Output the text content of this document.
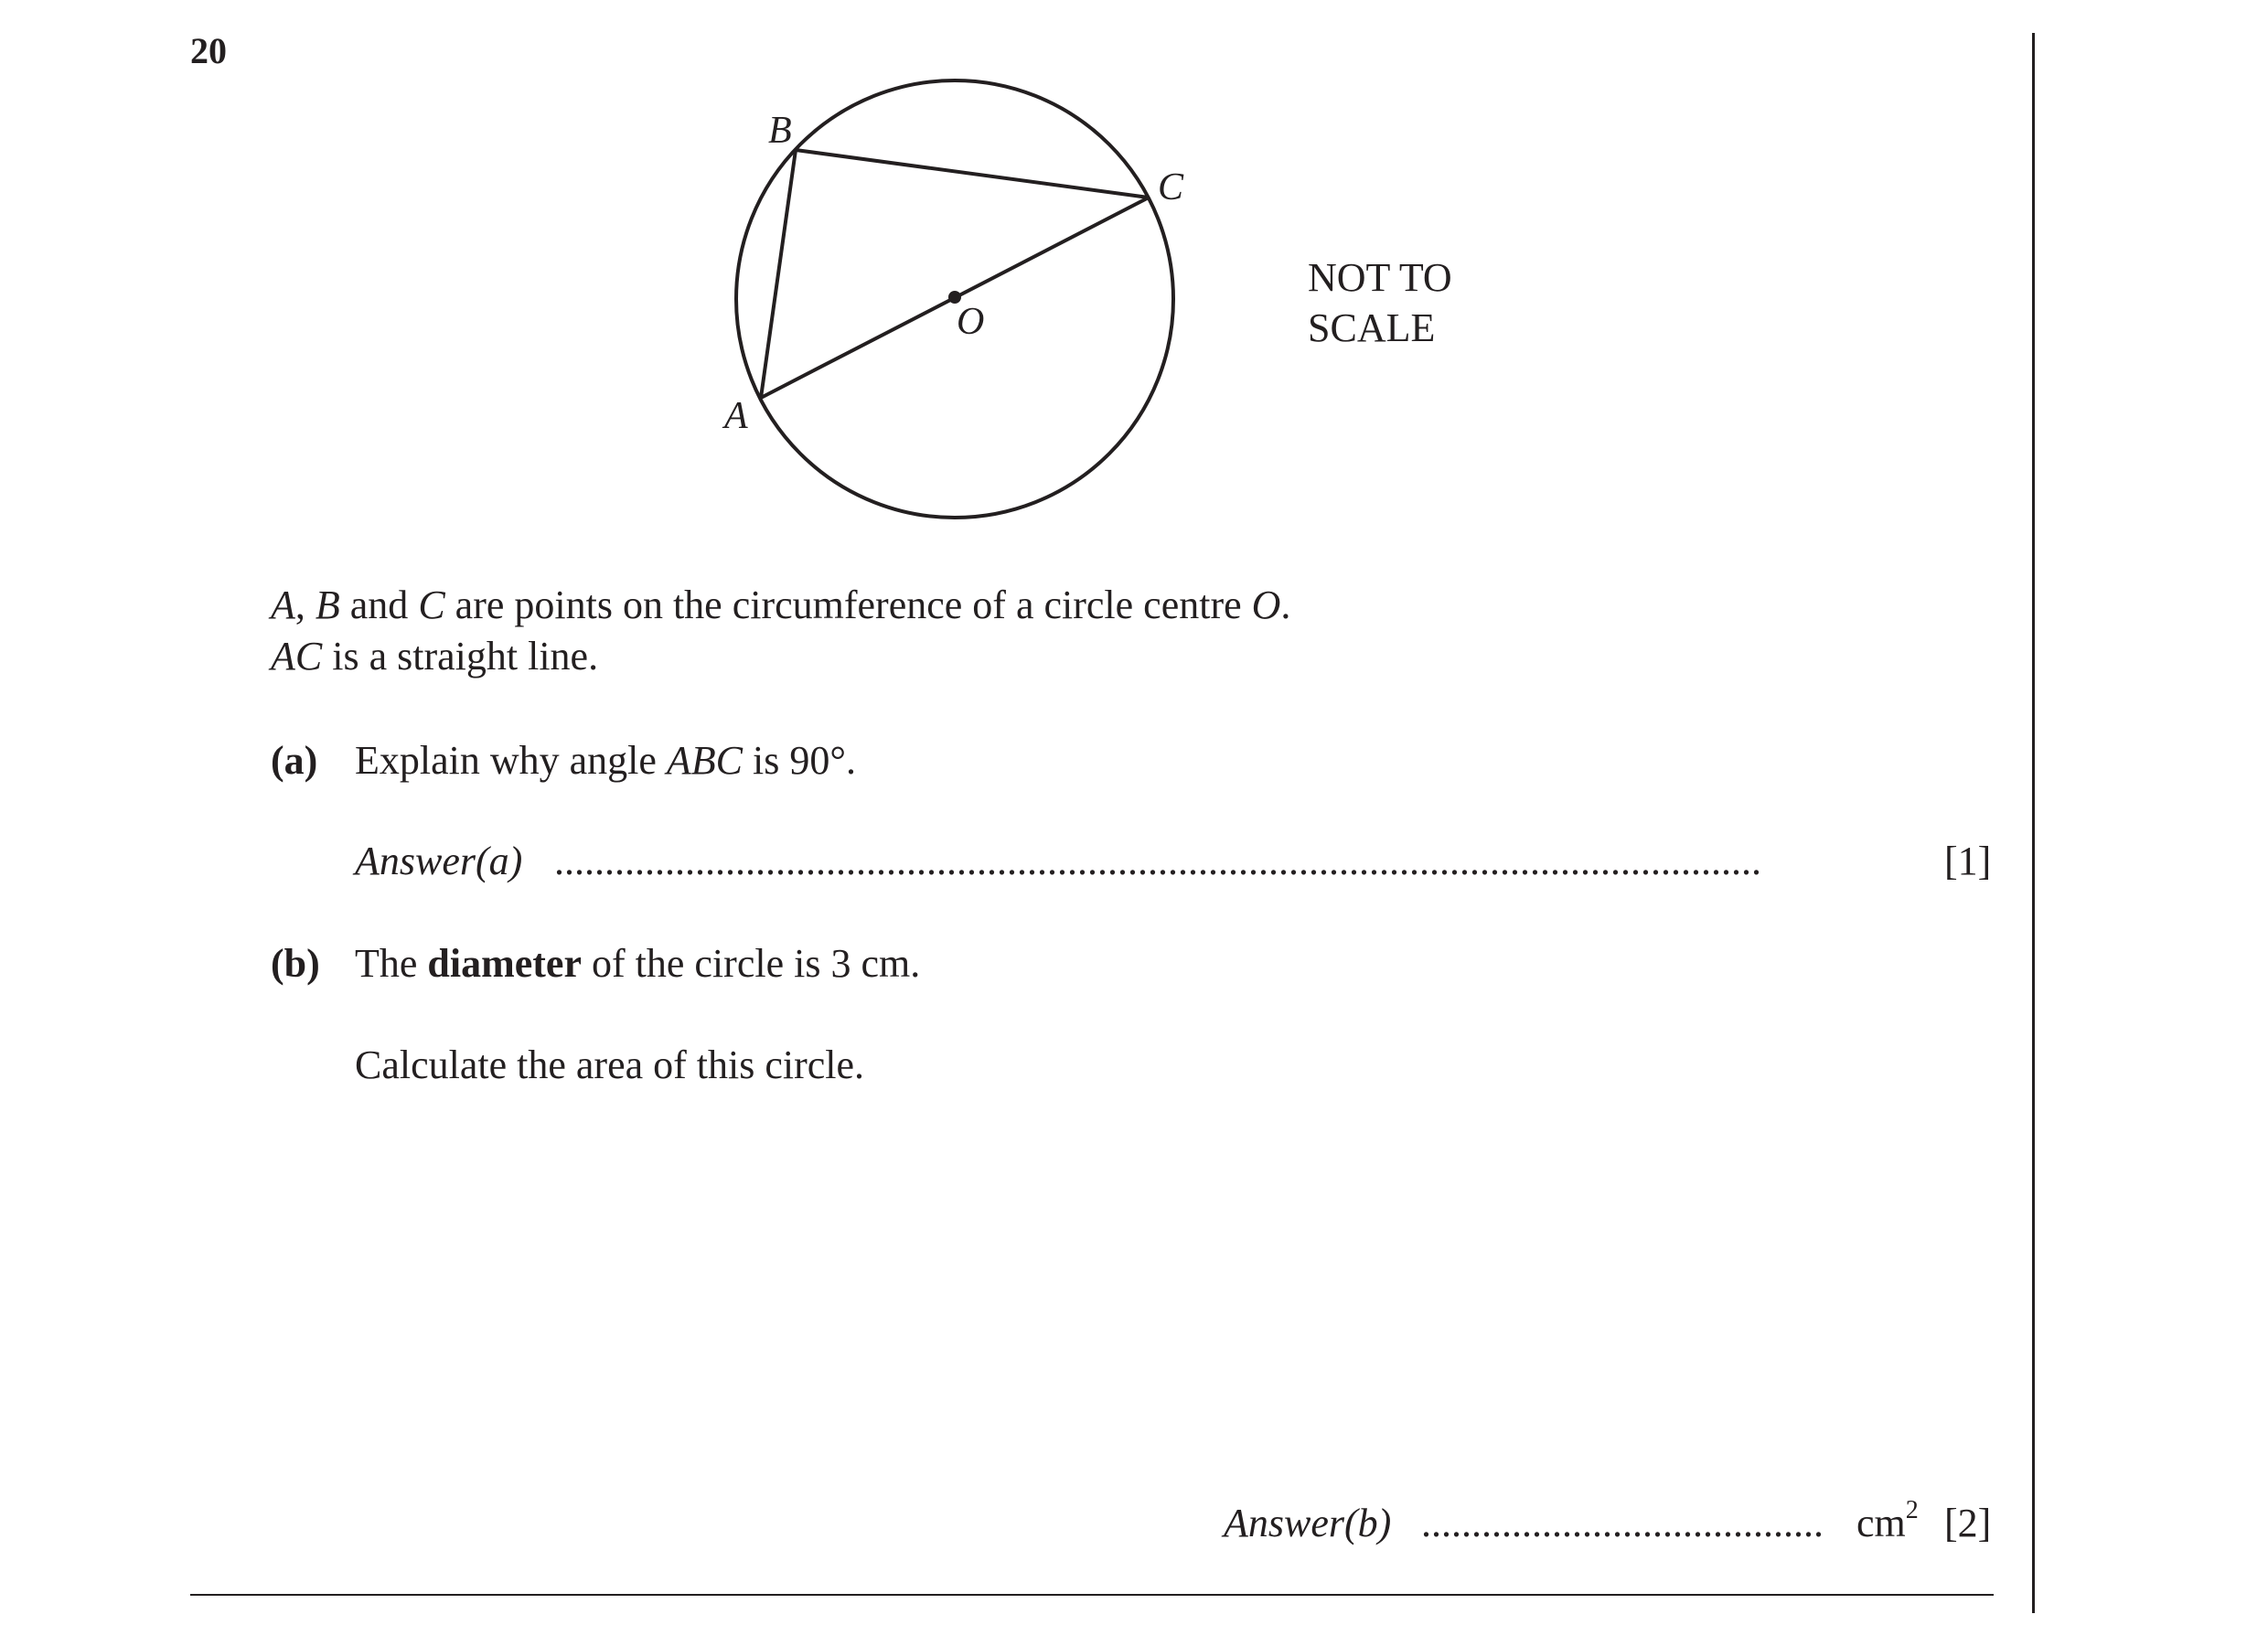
20
B
C
O
A
NOT TO
SCALE
A, B and C are points on the circumference of a circle centre O.
AC is a straight line.
(a) Explain why angle ABC is 90°.
Answer(a) ........................................................................................................................	[1]
(b) The diameter of the circle is 3 cm.
Calculate the area of this circle.
Answer(b) ........................................ $cm^2$ [2]
